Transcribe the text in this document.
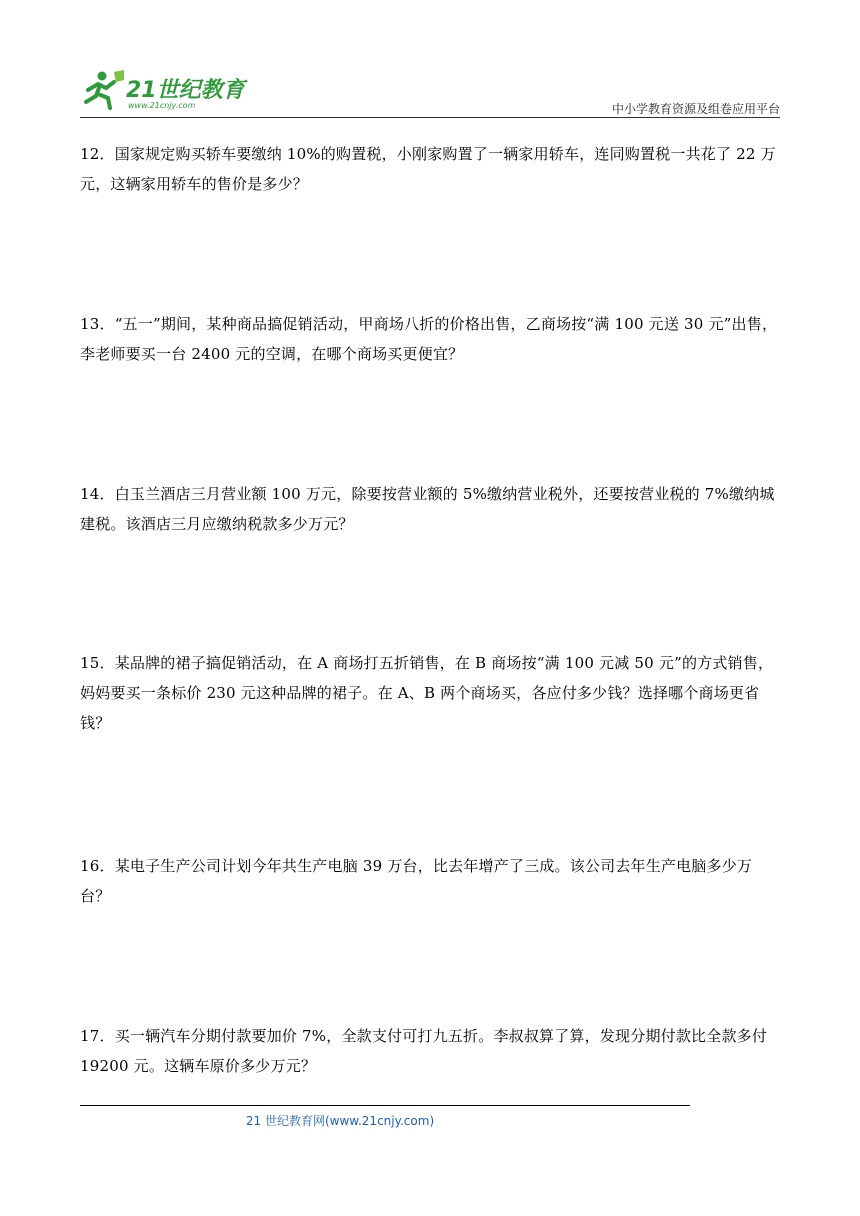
21世纪教育
www.21cnjy.com	中小学教育资源及组卷应用平台
12．国家规定购买轿车要缴纳 10%的购置税，小刚家购置了一辆家用轿车，连同购置税一共花了 22 万元，这辆家用轿车的售价是多少？
13．“五一”期间，某种商品搞促销活动，甲商场八折的价格出售，乙商场按“满 100 元送 30 元”出售，李老师要买一台 2400 元的空调，在哪个商场买更便宜？
14．白玉兰酒店三月营业额 100 万元，除要按营业额的 5%缴纳营业税外，还要按营业税的 7%缴纳城建税。该酒店三月应缴纳税款多少万元？
15．某品牌的裙子搞促销活动，在 A 商场打五折销售，在 B 商场按“满 100 元减 50 元”的方式销售，妈妈要买一条标价 230 元这种品牌的裙子。在 A、B 两个商场买，各应付多少钱？选择哪个商场更省钱？
16．某电子生产公司计划今年共生产电脑 39 万台，比去年增产了三成。该公司去年生产电脑多少万台？
17．买一辆汽车分期付款要加价 7%，全款支付可打九五折。李叔叔算了算，发现分期付款比全款多付 19200 元。这辆车原价多少万元？
21 世纪教育网(www.21cnjy.com)
